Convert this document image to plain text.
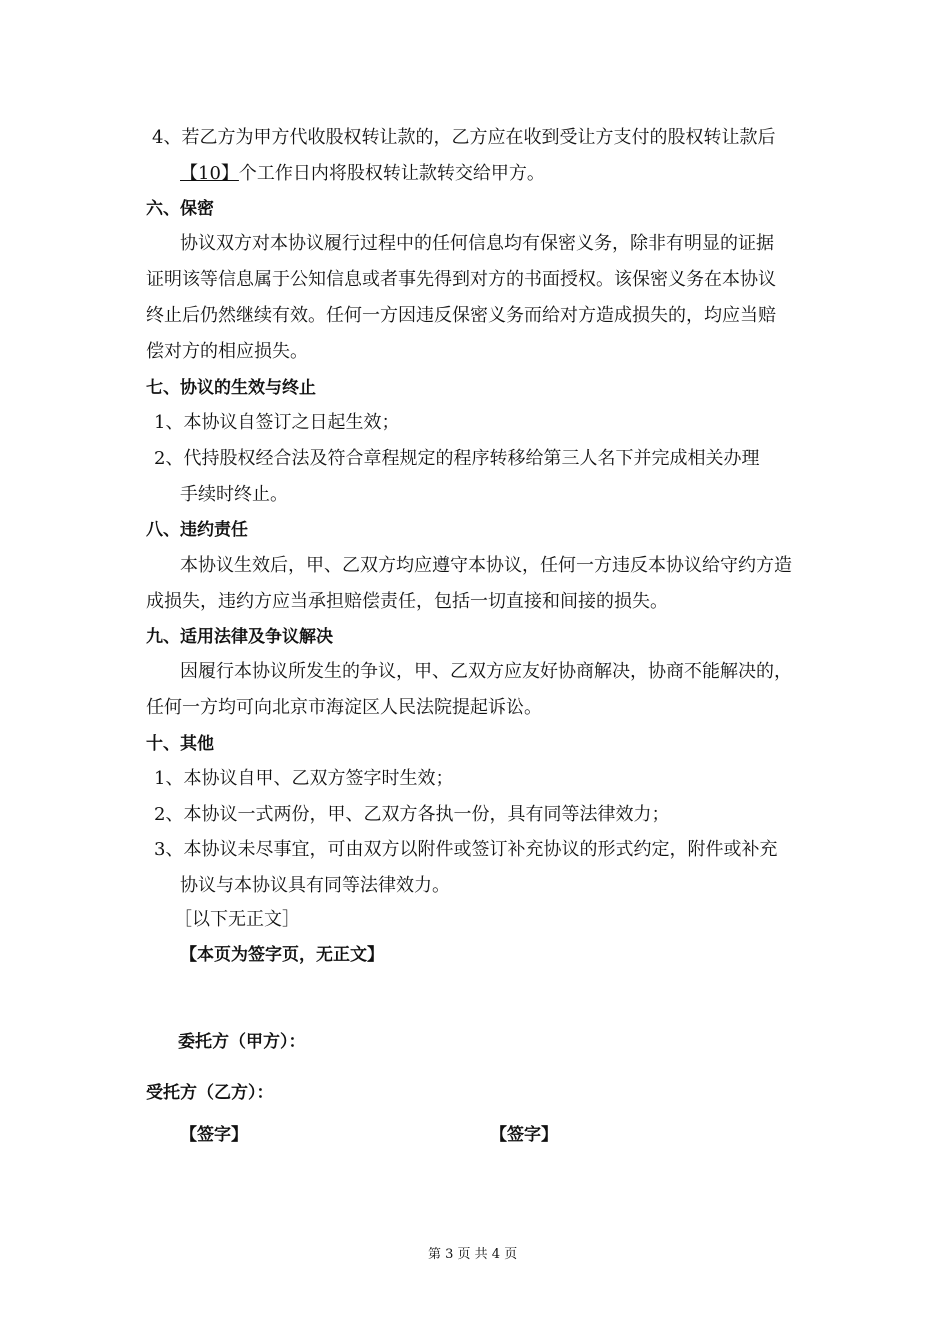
4、若乙方为甲方代收股权转让款的，乙方应在收到受让方支付的股权转让款后
【10】个工作日内将股权转让款转交给甲方。
六、保密
协议双方对本协议履行过程中的任何信息均有保密义务，除非有明显的证据
证明该等信息属于公知信息或者事先得到对方的书面授权。该保密义务在本协议
终止后仍然继续有效。任何一方因违反保密义务而给对方造成损失的，均应当赔
偿对方的相应损失。
七、协议的生效与终止
1、本协议自签订之日起生效；
2、代持股权经合法及符合章程规定的程序转移给第三人名下并完成相关办理
手续时终止。
八、违约责任
本协议生效后，甲、乙双方均应遵守本协议，任何一方违反本协议给守约方造
成损失，违约方应当承担赔偿责任，包括一切直接和间接的损失。
九、适用法律及争议解决
因履行本协议所发生的争议，甲、乙双方应友好协商解决，协商不能解决的，
任何一方均可向北京市海淀区人民法院提起诉讼。
十、其他
1、本协议自甲、乙双方签字时生效；
2、本协议一式两份，甲、乙双方各执一份，具有同等法律效力；
3、本协议未尽事宜，可由双方以附件或签订补充协议的形式约定，附件或补充
协议与本协议具有同等法律效力。
［以下无正文］
【本页为签字页，无正文】
委托方（甲方）：
受托方（乙方）：
【签字】	【签字】
第 3 页 共 4 页
